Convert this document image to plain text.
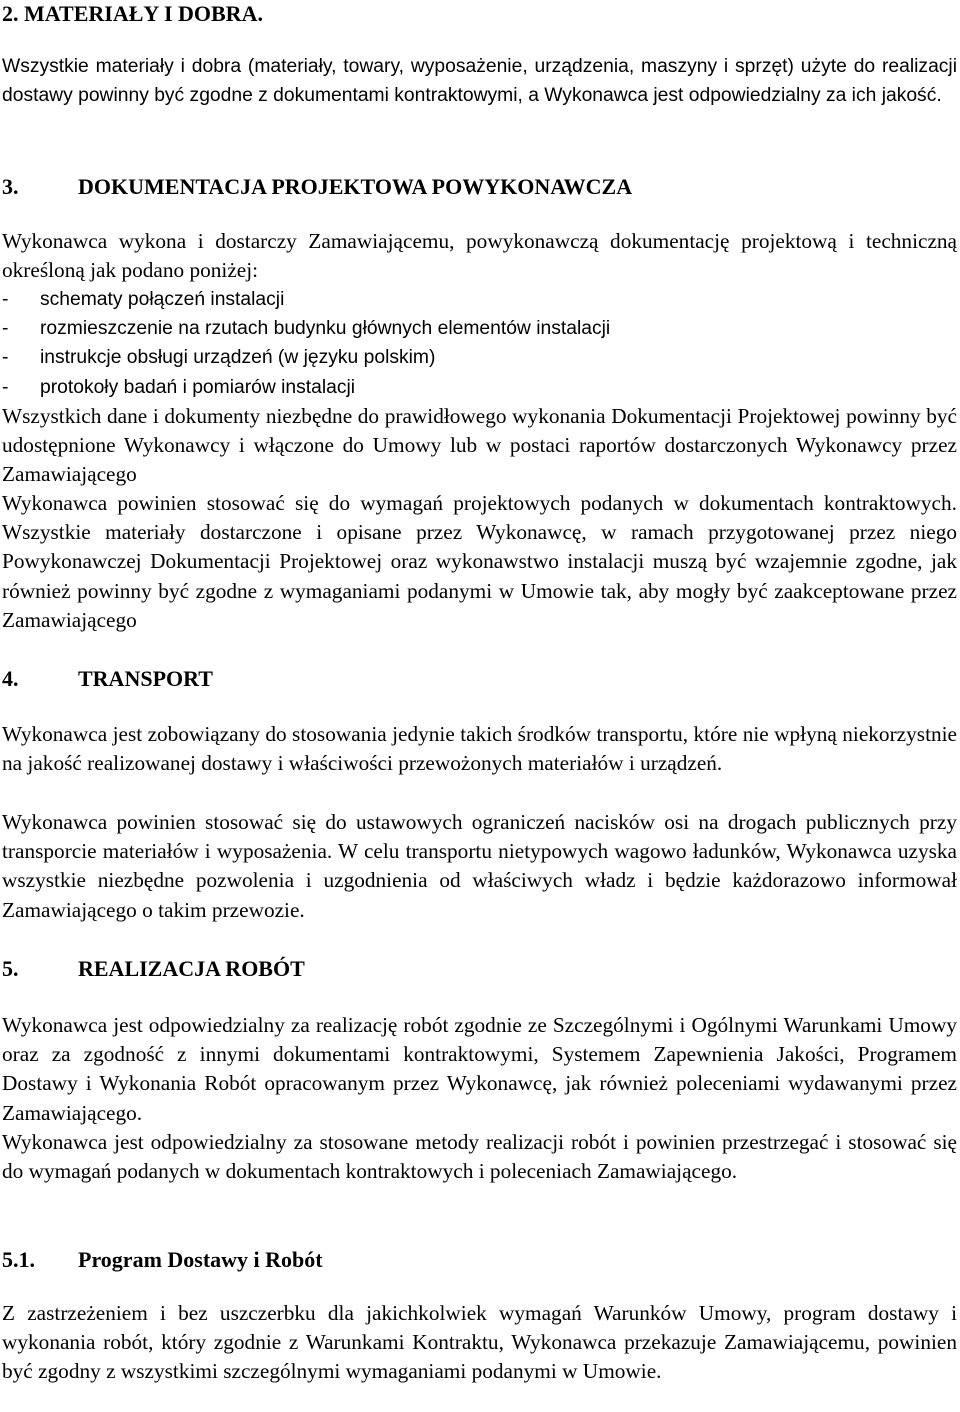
2. MATERIAŁY I DOBRA.
Wszystkie materiały i dobra (materiały, towary, wyposażenie, urządzenia, maszyny i sprzęt) użyte do realizacji dostawy powinny być zgodne z dokumentami kontraktowymi, a Wykonawca jest odpowiedzialny za ich jakość.
3.	DOKUMENTACJA PROJEKTOWA POWYKONAWCZA
Wykonawca wykona i dostarczy Zamawiającemu, powykonawczą dokumentację projektową i techniczną określoną jak podano poniżej:
- schematy połączeń instalacji
- rozmieszczenie na rzutach budynku głównych elementów instalacji
- instrukcje obsługi urządzeń (w języku polskim)
- protokoły badań i pomiarów instalacji
Wszystkich dane i dokumenty niezbędne do prawidłowego wykonania Dokumentacji Projektowej powinny być udostępnione Wykonawcy i włączone do Umowy lub w postaci raportów dostarczonych Wykonawcy przez Zamawiającego
Wykonawca powinien stosować się do wymagań projektowych podanych w dokumentach kontraktowych. Wszystkie materiały dostarczone i opisane przez Wykonawcę, w ramach przygotowanej przez niego Powykonawczej Dokumentacji Projektowej oraz wykonawstwo instalacji muszą być wzajemnie zgodne, jak również powinny być zgodne z wymaganiami podanymi w Umowie tak, aby mogły być zaakceptowane przez Zamawiającego
4.	TRANSPORT
Wykonawca jest zobowiązany do stosowania jedynie takich środków transportu, które nie wpłyną niekorzystnie na jakość realizowanej dostawy i właściwości przewożonych materiałów i urządzeń.
Wykonawca powinien stosować się do ustawowych ograniczeń nacisków osi na drogach publicznych przy transporcie materiałów i wyposażenia. W celu transportu nietypowych wagowo ładunków, Wykonawca uzyska wszystkie niezbędne pozwolenia i uzgodnienia od właściwych władz i będzie każdorazowo informował Zamawiającego o takim przewozie.
5.	REALIZACJA ROBÓT
Wykonawca jest odpowiedzialny za realizację robót zgodnie ze Szczególnymi i Ogólnymi Warunkami Umowy oraz za zgodność z innymi dokumentami kontraktowymi, Systemem Zapewnienia Jakości, Programem Dostawy i Wykonania Robót opracowanym przez Wykonawcę, jak również poleceniami wydawanymi przez Zamawiającego.
Wykonawca jest odpowiedzialny za stosowane metody realizacji robót i powinien przestrzegać i stosować się do wymagań podanych w dokumentach kontraktowych i poleceniach Zamawiającego.
5.1. Program Dostawy i Robót
Z zastrzeżeniem i bez uszczerbku dla jakichkolwiek wymagań Warunków Umowy, program dostawy i wykonania robót, który zgodnie z Warunkami Kontraktu, Wykonawca przekazuje Zamawiającemu, powinien być zgodny z wszystkimi szczególnymi wymaganiami podanymi w Umowie.
